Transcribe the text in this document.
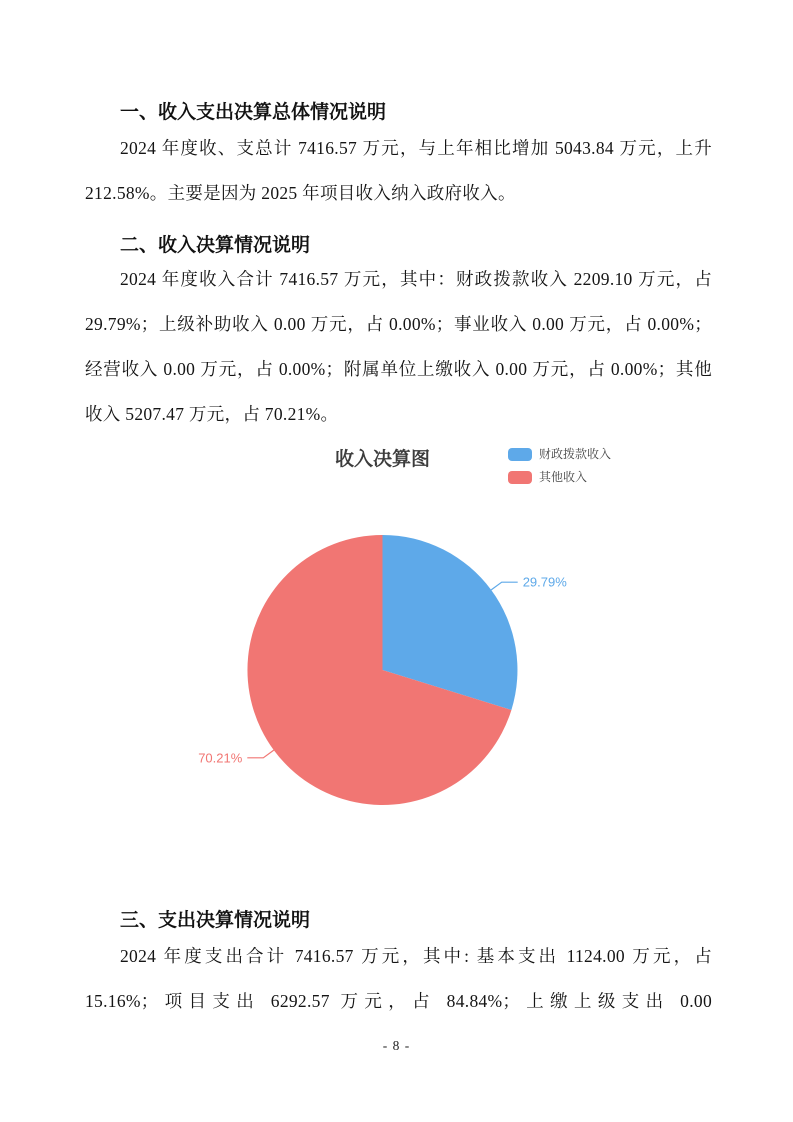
一、收入支出决算总体情况说明
2024 年度收、支总计 7416.57 万元，与上年相比增加 5043.84 万元，上升 212.58%。主要是因为 2025 年项目收入纳入政府收入。
二、收入决算情况说明
2024 年度收入合计 7416.57 万元，其中：财政拨款收入 2209.10 万元，占 29.79%；上级补助收入 0.00 万元，占 0.00%；事业收入 0.00 万元，占 0.00%；经营收入 0.00 万元，占 0.00%；附属单位上缴收入 0.00 万元，占 0.00%；其他收入 5207.47 万元，占 70.21%。
收入决算图	财政拨款收入
其他收入
29.79%
70.21%
三、支出决算情况说明
2024 年度支出合计 7416.57 万元，其中: 基本支出 1124.00 万元，占 15.16%；项目支出 6292.57 万元，占 84.84%；上缴上级支出 0.00
- 8 -
